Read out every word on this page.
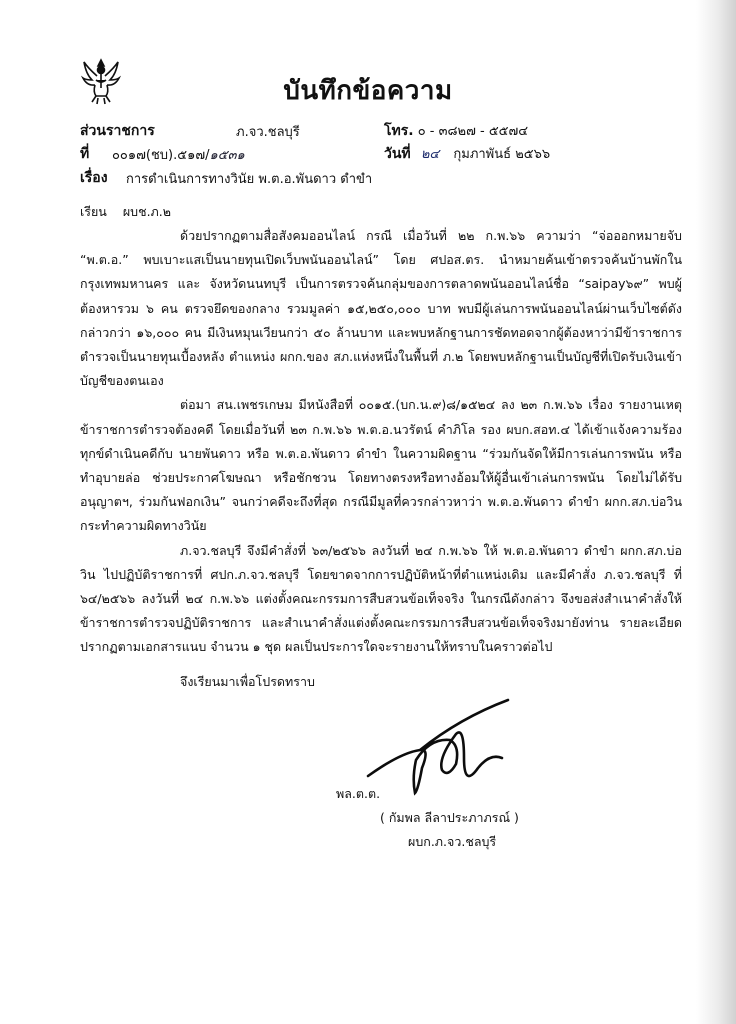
บันทึกข้อความ
ส่วนราชการ	ภ.จว.ชลบุรี	โทร. ๐ - ๓๘๒๗ - ๕๕๗๔
ที่ ๐๐๑๗(ชบ).๕๑๗/๑๕๓๑	วันที่ ๒๔ กุมภาพันธ์ ๒๕๖๖
เรื่อง การดำเนินการทางวินัย พ.ต.อ.พันดาว ดำขำ
เรียน ผบช.ภ.๒

ด้วยปรากฏตามสื่อสังคมออนไลน์ กรณี เมื่อวันที่ ๒๒ ก.พ.๖๖ ความว่า “จ่อออกหมายจับ “พ.ต.อ.” พบเบาะแสเป็นนายทุนเปิดเว็บพนันออนไลน์” โดย ศปอส.ตร. นำหมายค้นเข้าตรวจค้นบ้านพักในกรุงเทพมหานคร และ จังหวัดนนทบุรี เป็นการตรวจค้นกลุ่มของการตลาดพนันออนไลน์ชื่อ “saipay๖๙” พบผู้ต้องหารวม ๖ คน ตรวจยึดของกลาง รวมมูลค่า ๑๕,๒๕๐,๐๐๐ บาท พบมีผู้เล่นการพนันออนไลน์ผ่านเว็บไซต์ดังกล่าวกว่า ๑๖,๐๐๐ คน มีเงินหมุนเวียนกว่า ๕๐ ล้านบาท และพบหลักฐานการชัดทอดจากผู้ต้องหาว่ามีข้าราชการตำรวจเป็นนายทุนเบื้องหลัง ตำแหน่ง ผกก.ของ สภ.แห่งหนึ่งในพื้นที่ ภ.๒ โดยพบหลักฐานเป็นบัญชีที่เปิดรับเงินเข้าบัญชีของตนเอง

ต่อมา สน.เพชรเกษม มีหนังสือที่ ๐๐๑๕.(บก.น.๙)๘/๑๕๒๔ ลง ๒๓ ก.พ.๖๖ เรื่อง รายงานเหตุข้าราชการตำรวจต้องคดี โดยเมื่อวันที่ ๒๓ ก.พ.๖๖ พ.ต.อ.นวรัตน์ คำภิโล รอง ผบก.สอท.๔ ได้เข้าแจ้งความร้องทุกข์ดำเนินคดีกับ นายพันดาว หรือ พ.ต.อ.พันดาว ดำขำ ในความผิดฐาน “ร่วมกันจัดให้มีการเล่นการพนัน หรือทำอุบายล่อ ช่วยประกาศโฆษณา หรือชักชวน โดยทางตรงหรือทางอ้อมให้ผู้อื่นเข้าเล่นการพนัน โดยไม่ได้รับอนุญาตฯ, ร่วมกันฟอกเงิน” จนกว่าคดีจะถึงที่สุด กรณีมีมูลที่ควรกล่าวหาว่า พ.ต.อ.พันดาว ดำขำ ผกก.สภ.บ่อวิน กระทำความผิดทางวินัย

ภ.จว.ชลบุรี จึงมีคำสั่งที่ ๖๓/๒๕๖๖ ลงวันที่ ๒๔ ก.พ.๖๖ ให้ พ.ต.อ.พันดาว ดำขำ ผกก.สภ.บ่อวิน ไปปฏิบัติราชการที่ ศปก.ภ.จว.ชลบุรี โดยขาดจากการปฏิบัติหน้าที่ตำแหน่งเดิม และมีคำสั่ง ภ.จว.ชลบุรี ที่ ๖๔/๒๕๖๖ ลงวันที่ ๒๔ ก.พ.๖๖ แต่งตั้งคณะกรรมการสืบสวนข้อเท็จจริง ในกรณีดังกล่าว จึงขอส่งสำเนาคำสั่งให้ข้าราชการตำรวจปฏิบัติราชการ และสำเนาคำสั่งแต่งตั้งคณะกรรมการสืบสวนข้อเท็จจริงมายังท่าน รายละเอียดปรากฏตามเอกสารแนบ จำนวน ๑ ชุด ผลเป็นประการใดจะรายงานให้ทราบในคราวต่อไป

จึงเรียนมาเพื่อโปรดทราบ

พล.ต.ต.
( กัมพล ลีลาประภาภรณ์ )
ผบก.ภ.จว.ชลบุรี
